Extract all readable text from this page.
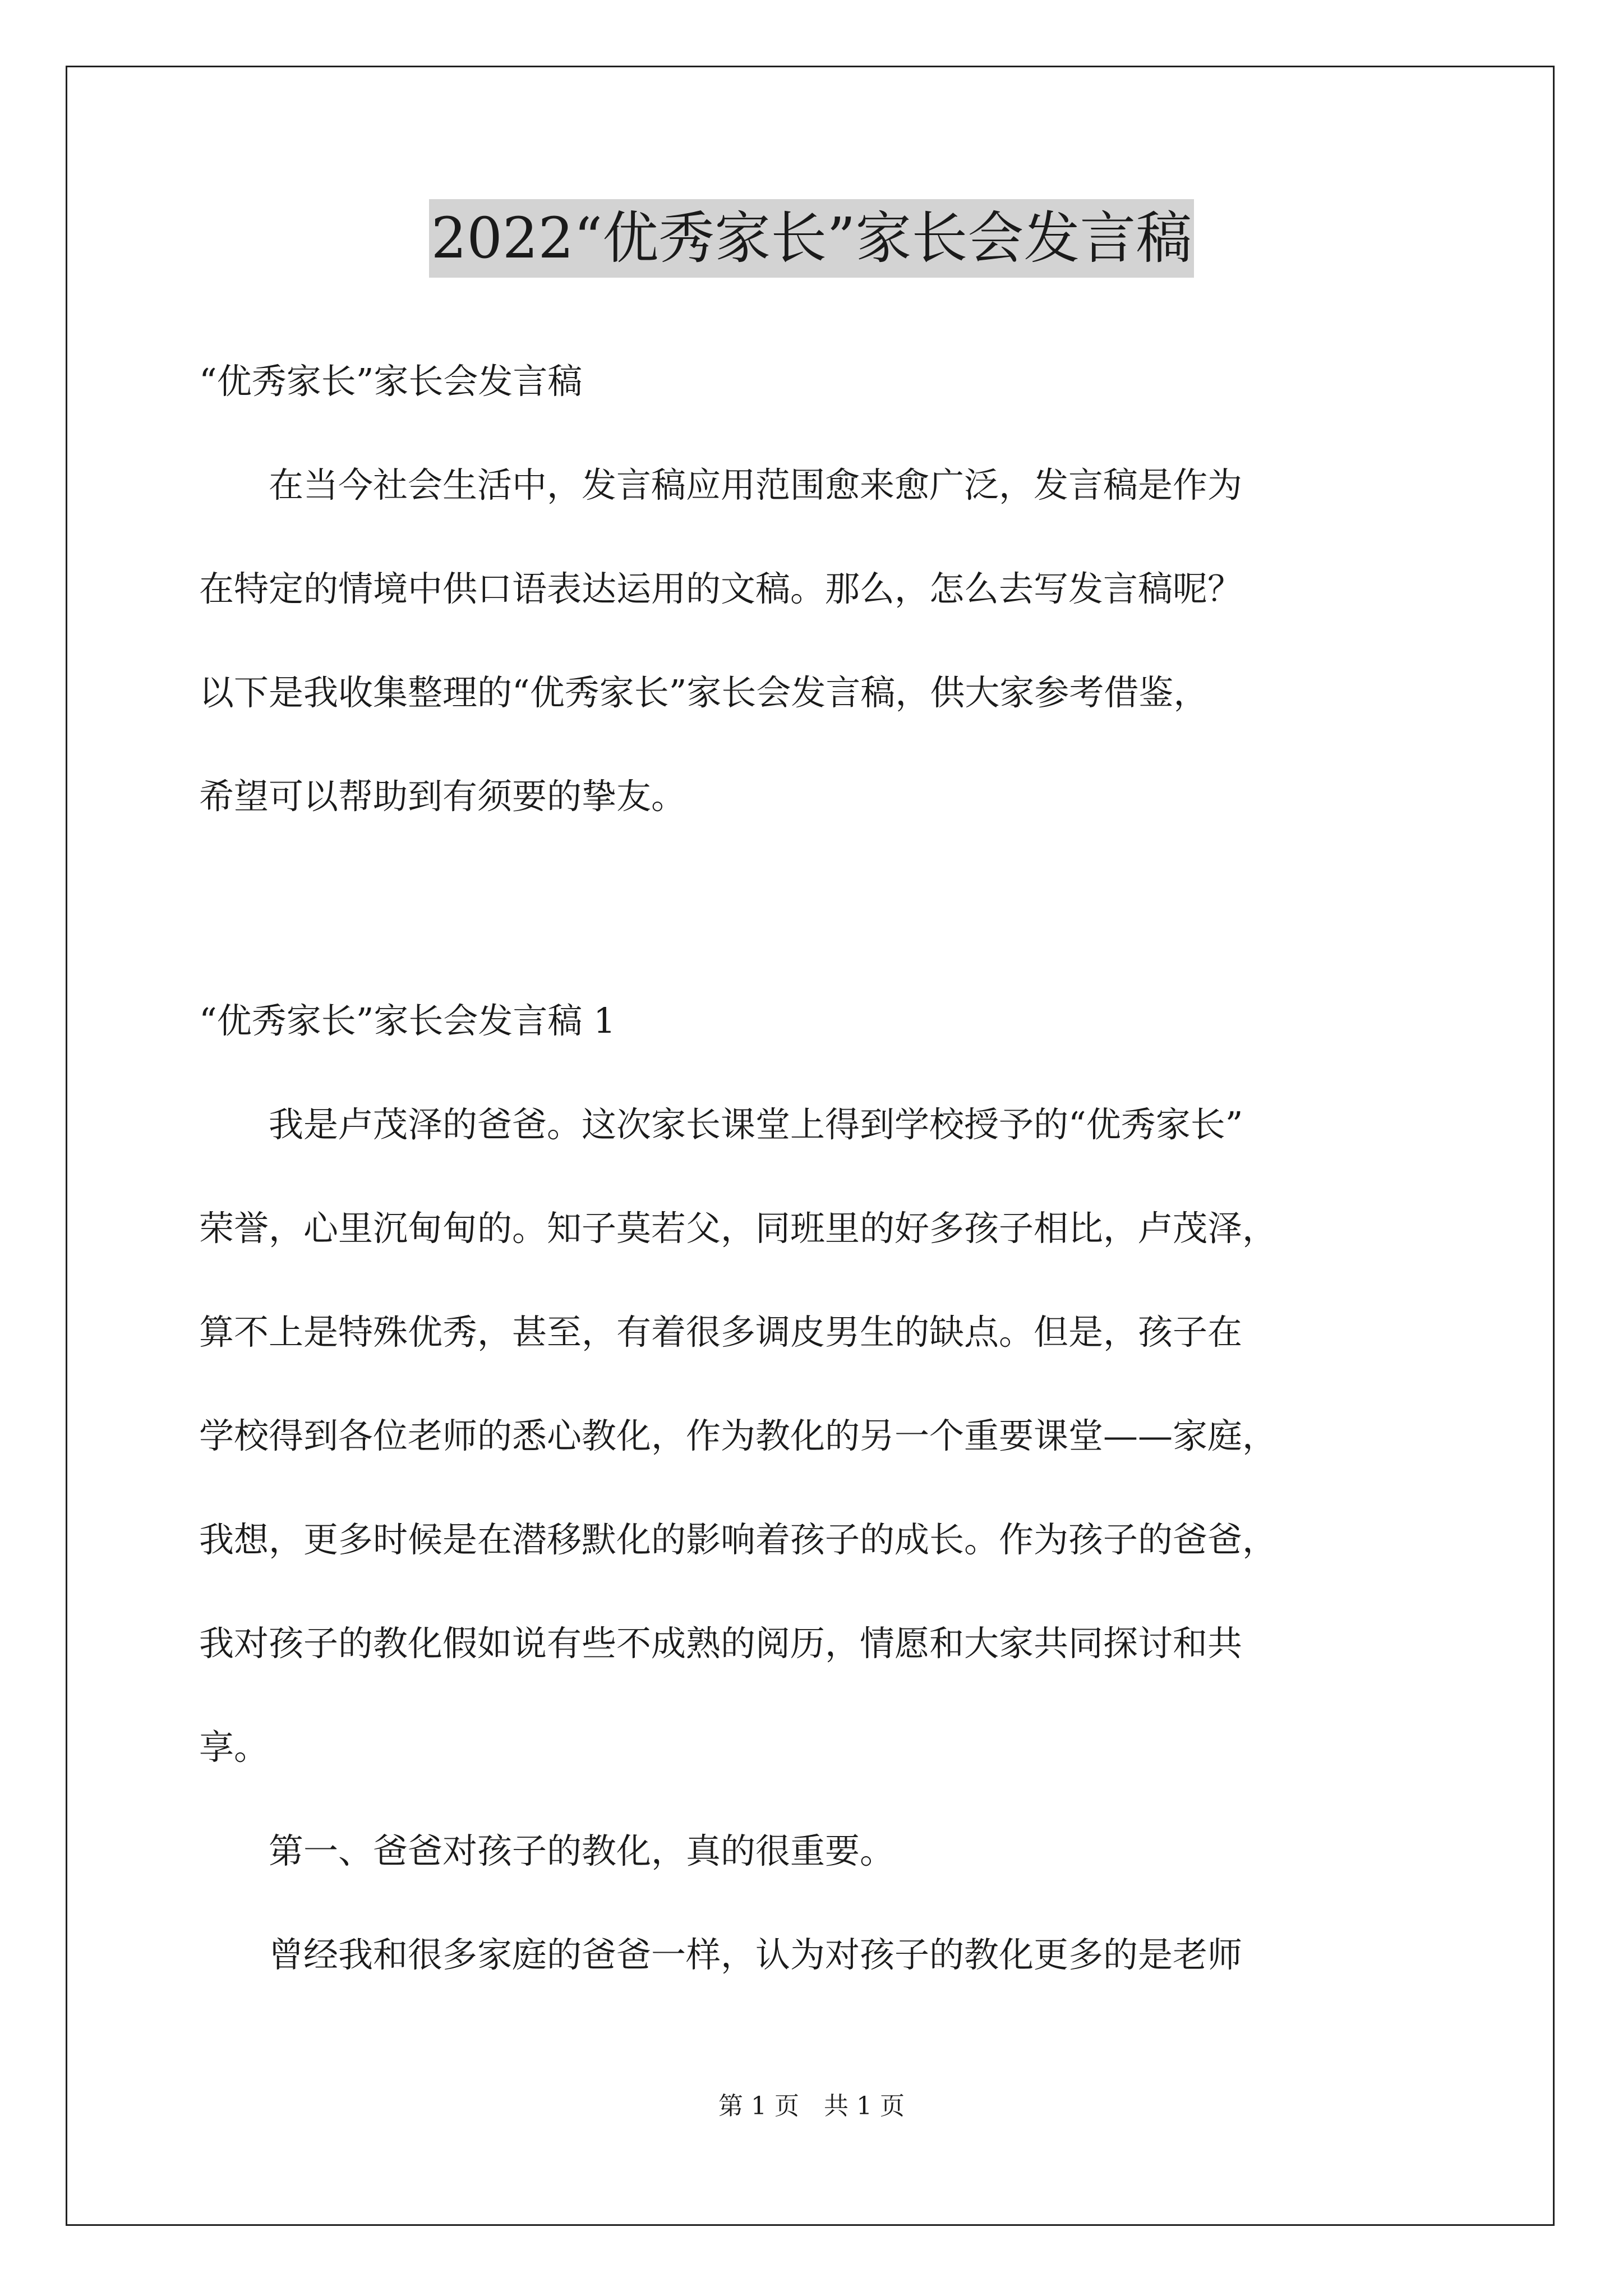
2022“优秀家长”家长会发言稿
“优秀家长”家长会发言稿
　　在当今社会生活中，发言稿应用范围愈来愈广泛，发言稿是作为
在特定的情境中供口语表达运用的文稿。那么，怎么去写发言稿呢？
以下是我收集整理的“优秀家长”家长会发言稿，供大家参考借鉴，
希望可以帮助到有须要的挚友。
“优秀家长”家长会发言稿 1
　　我是卢茂泽的爸爸。这次家长课堂上得到学校授予的“优秀家长”
荣誉，心里沉甸甸的。知子莫若父，同班里的好多孩子相比，卢茂泽，
算不上是特殊优秀，甚至，有着很多调皮男生的缺点。但是，孩子在
学校得到各位老师的悉心教化，作为教化的另一个重要课堂——家庭，
我想，更多时候是在潜移默化的影响着孩子的成长。作为孩子的爸爸，
我对孩子的教化假如说有些不成熟的阅历，情愿和大家共同探讨和共
享。
　　第一、爸爸对孩子的教化，真的很重要。
　　曾经我和很多家庭的爸爸一样，认为对孩子的教化更多的是老师
第 1 页　共 1 页
